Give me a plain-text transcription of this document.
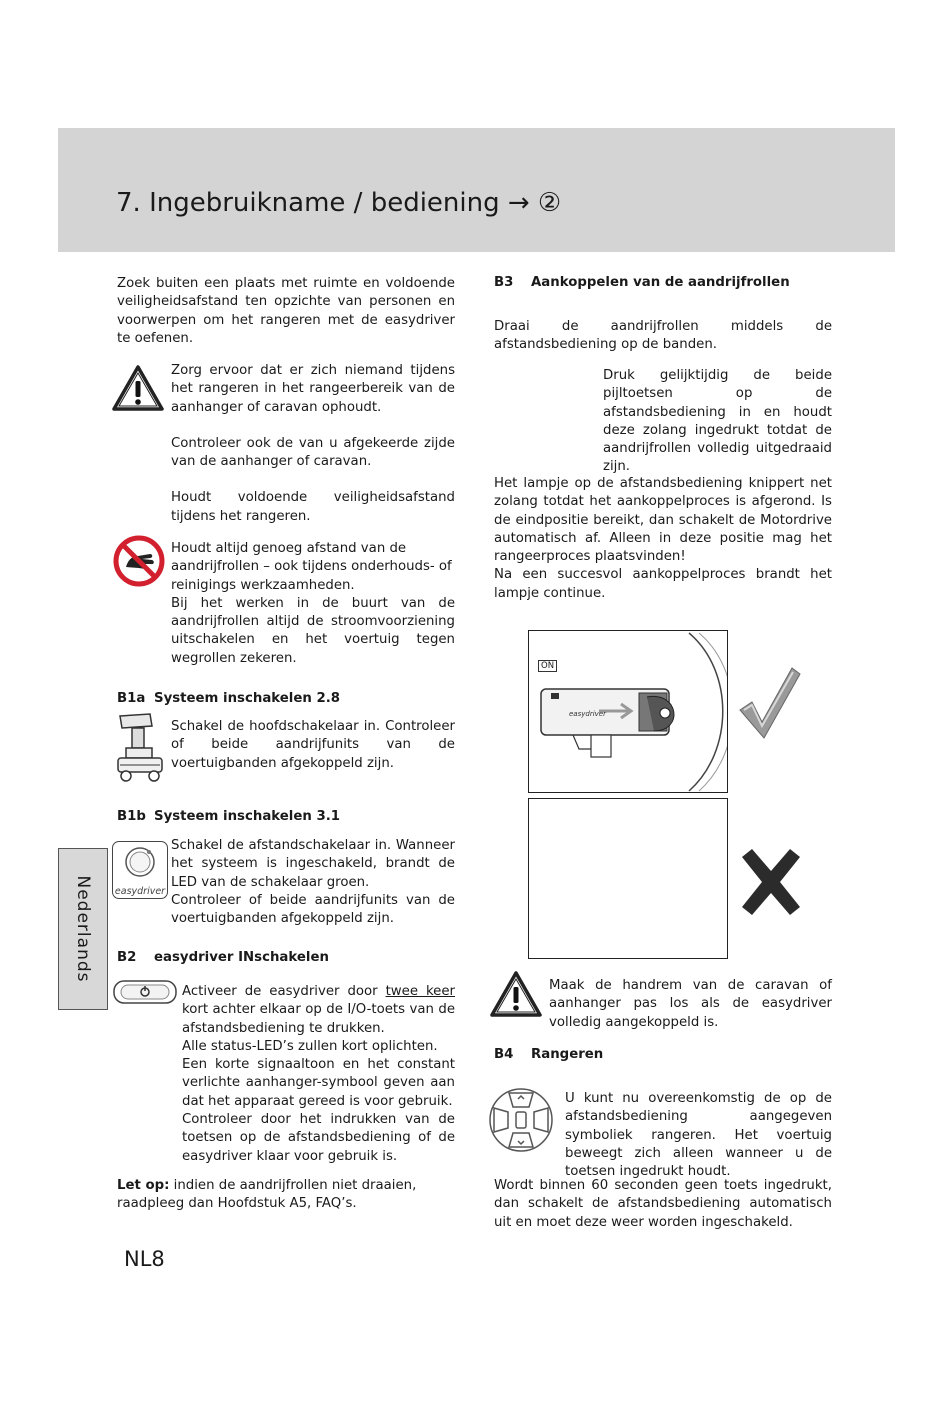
7. Ingebruikname / bediening → ②
Zoek buiten een plaats met ruimte en voldoende veiligheidsafstand ten opzichte van personen en voorwerpen om het rangeren met de easydriver te oefenen.

Zorg ervoor dat er zich niemand tijdens het rangeren in het rangeerbereik van de aanhanger of caravan ophoudt.

Controleer ook de van u afgekeerde zijde van de aanhanger of caravan.

Houdt voldoende veiligheidsafstand tijdens het rangeren.

Houdt altijd genoeg afstand van de aandrijfrollen – ook tijdens onderhouds- of reinigings werkzaamheden.

Bij het werken in de buurt van de aandrijfrollen altijd de stroomvoorziening uitschakelen en het voertuig tegen wegrollen zekeren.

B1a Systeem inschakelen 2.8
Schakel de hoofdschakelaar in. Controleer of beide aandrijfunits van de voertuigbanden afgekoppeld zijn.
B1b Systeem inschakelen 3.1
easydriver

Schakel de afstandschakelaar in. Wanneer het systeem is ingeschakeld, brandt de LED van de schakelaar groen.

Controleer of beide aandrijfunits van de voertuigbanden afgekoppeld zijn.

Nederlands B2 easydriver INschakelen

Activeer de easydriver door twee keer kort achter elkaar op de I/O-toets van de afstandsbediening te drukken.

Alle status-LED’s zullen kort oplichten.

Een korte signaaltoon en het constant verlichte aanhanger-symbool geven aan dat het apparaat gereed is voor gebruik.

Controleer door het indrukken van de toetsen op de afstandsbediening of de easydriver klaar voor gebruik is.

Let op: indien de aandrijfrollen niet draaien, raadpleeg dan Hoofdstuk A5, FAQ’s.
NL8
B3 Aankoppelen van de aandrijfrollen
Draai de aandrijfrollen middels de afstandsbediening op de banden.
Druk gelijktijdig de beide pijltoetsen op de afstandsbediening in en houdt deze zolang ingedrukt totdat de aandrijfrollen volledig uitgedraaid zijn.

Het lampje op de afstandsbediening knippert net zolang totdat het aankoppelproces is afgerond. Is de eindpositie bereikt, dan schakelt de Motordrive automatisch af. Alleen in deze positie mag het rangeerproces plaatsvinden!

Na een succesvol aankoppelproces brandt het lampje continue.

ON
easydriver
Maak de handrem van de caravan of aanhanger pas los als de easydriver volledig aangekoppeld is.
B4 Rangeren
U kunt nu overeenkomstig de op de afstandsbediening aangegeven symboliek rangeren. Het voertuig beweegt zich alleen wanneer u de toetsen ingedrukt houdt.
Wordt binnen 60 seconden geen toets ingedrukt, dan schakelt de afstandsbediening automatisch uit en moet deze weer worden ingeschakeld.
